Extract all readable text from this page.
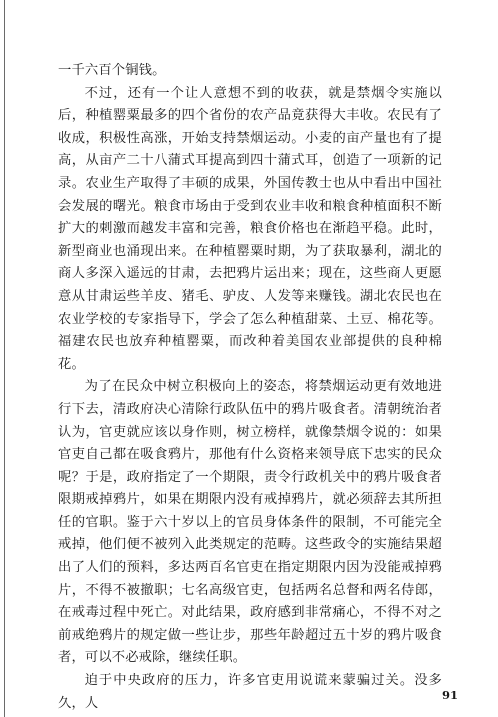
一千六百个铜钱。

不过，还有一个让人意想不到的收获，就是禁烟令实施以后，种植罂粟最多的四个省份的农产品竟获得大丰收。农民有了收成，积极性高涨，开始支持禁烟运动。小麦的亩产量也有了提高，从亩产二十八蒲式耳提高到四十蒲式耳，创造了一项新的记录。农业生产取得了丰硕的成果，外国传教士也从中看出中国社会发展的曙光。粮食市场由于受到农业丰收和粮食种植面积不断扩大的刺激而越发丰富和完善，粮食价格也在渐趋平稳。此时，新型商业也涌现出来。在种植罂粟时期，为了获取暴利，湖北的商人多深入遥远的甘肃，去把鸦片运出来；现在，这些商人更愿意从甘肃运些羊皮、猪毛、驴皮、人发等来赚钱。湖北农民也在农业学校的专家指导下，学会了怎么种植甜菜、土豆、棉花等。福建农民也放弃种植罂粟，而改种着美国农业部提供的良种棉花。

为了在民众中树立积极向上的姿态，将禁烟运动更有效地进行下去，清政府决心清除行政队伍中的鸦片吸食者。清朝统治者认为，官吏就应该以身作则，树立榜样，就像禁烟令说的：如果官吏自己都在吸食鸦片，那他有什么资格来领导底下忠实的民众呢？于是，政府指定了一个期限，责令行政机关中的鸦片吸食者限期戒掉鸦片，如果在期限内没有戒掉鸦片，就必须辞去其所担任的官职。鉴于六十岁以上的官员身体条件的限制，不可能完全戒掉，他们便不被列入此类规定的范畴。这些政令的实施结果超出了人们的预料，多达两百名官吏在指定期限内因为没能戒掉鸦片，不得不被撤职；七名高级官吏，包括两名总督和两名侍郎，在戒毒过程中死亡。对此结果，政府感到非常痛心，不得不对之前戒绝鸦片的规定做一些让步，那些年龄超过五十岁的鸦片吸食者，可以不必戒除，继续任职。

迫于中央政府的压力，许多官吏用说谎来蒙骗过关。没多久，人

91
